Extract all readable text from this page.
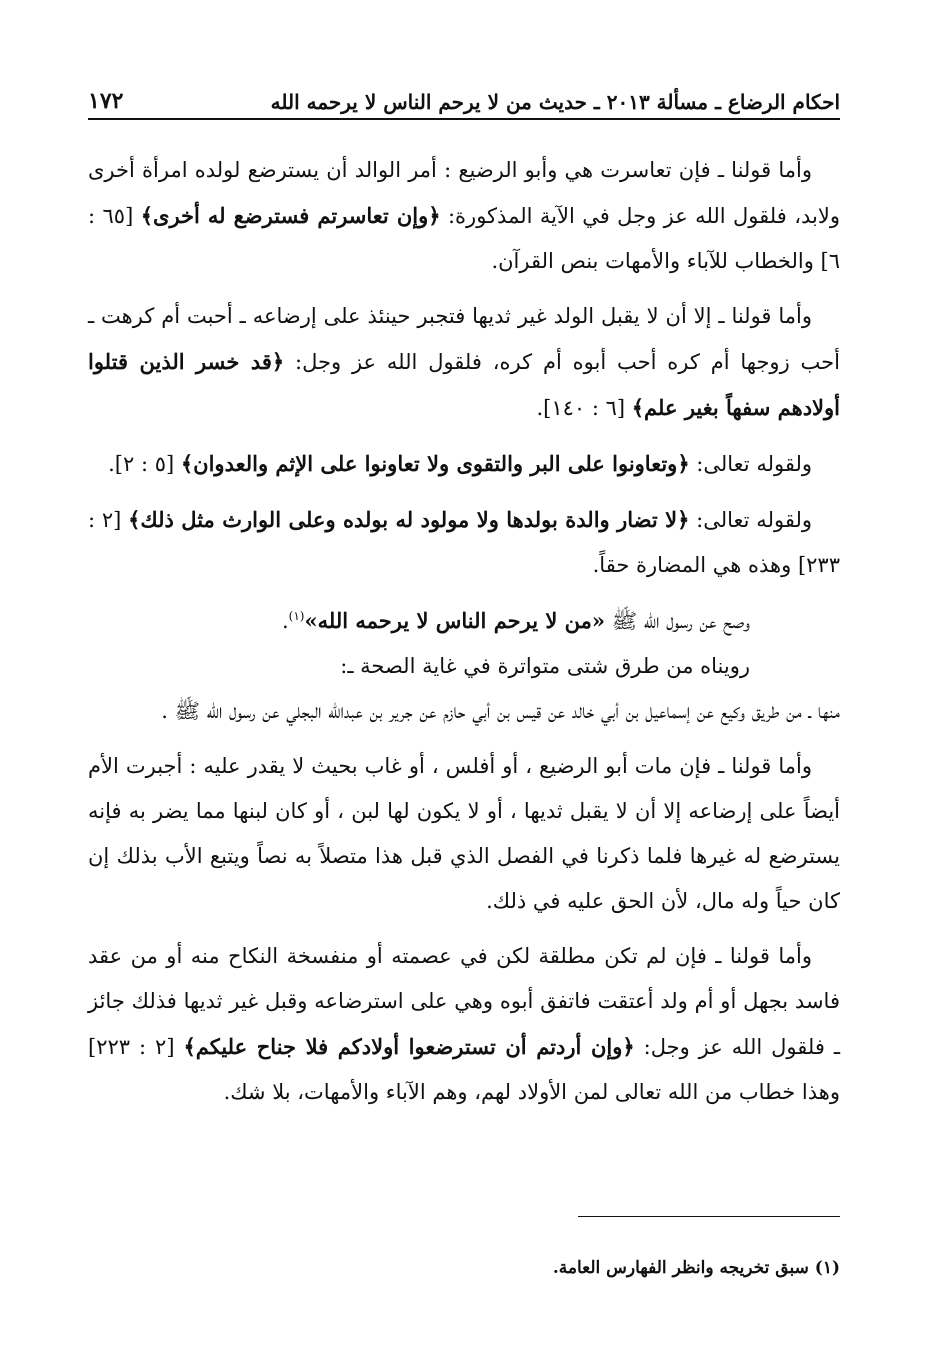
احكام الرضاع ـ مسألة ٢٠١٣ ـ حديث من لا يرحم الناس لا يرحمه الله
١٧٢

وأما قولنا ـ فإن تعاسرت هي وأبو الرضيع : أمر الوالد أن يسترضع لولده امرأة أخرى ولابد، فلقول الله عز وجل في الآية المذكورة: ﴿وإن تعاسرتم فسترضع له أخرى﴾ [٦٥ : ٦] والخطاب للآباء والأمهات بنص القرآن.

وأما قولنا ـ إلا أن لا يقبل الولد غير ثديها فتجبر حينئذ على إرضاعه ـ أحبت أم كرهت ـ أحب زوجها أم كره أحب أبوه أم كره، فلقول الله عز وجل: ﴿قد خسر الذين قتلوا أولادهم سفهاً بغير علم﴾ [٦ : ١٤٠].

ولقوله تعالى: ﴿وتعاونوا على البر والتقوى ولا تعاونوا على الإثم والعدوان﴾ [٥ : ٢].

ولقوله تعالى: ﴿لا تضار والدة بولدها ولا مولود له بولده وعلى الوارث مثل ذلك﴾ [٢ : ٢٣٣] وهذه هي المضارة حقاً.

وصح عن رسول الله ﷺ «من لا يرحم الناس لا يرحمه الله»$^{(١)}$.

رويناه من طرق شتى متواترة في غاية الصحة ـ:

منها ـ من طريق وكيع عن إسماعيل بن أبي خالد عن قيس بن أبي حازم عن جرير بن عبدالله البجلي عن رسول الله ﷺ .

وأما قولنا ـ فإن مات أبو الرضيع ، أو أفلس ، أو غاب بحيث لا يقدر عليه : أجبرت الأم أيضاً على إرضاعه إلا أن لا يقبل ثديها ، أو لا يكون لها لبن ، أو كان لبنها مما يضر به فإنه يسترضع له غيرها فلما ذكرنا في الفصل الذي قبل هذا متصلاً به نصاً ويتبع الأب بذلك إن كان حياً وله مال، لأن الحق عليه في ذلك.

وأما قولنا ـ فإن لم تكن مطلقة لكن في عصمته أو منفسخة النكاح منه أو من عقد فاسد بجهل أو أم ولد أعتقت فاتفق أبوه وهي على استرضاعه وقبل غير ثديها فذلك جائز ـ فلقول الله عز وجل: ﴿وإن أردتم أن تسترضعوا أولادكم فلا جناح عليكم﴾ [٢ : ٢٢٣] وهذا خطاب من الله تعالى لمن الأولاد لهم، وهم الآباء والأمهات، بلا شك.

(١) سبق تخريجه وانظر الفهارس العامة.
